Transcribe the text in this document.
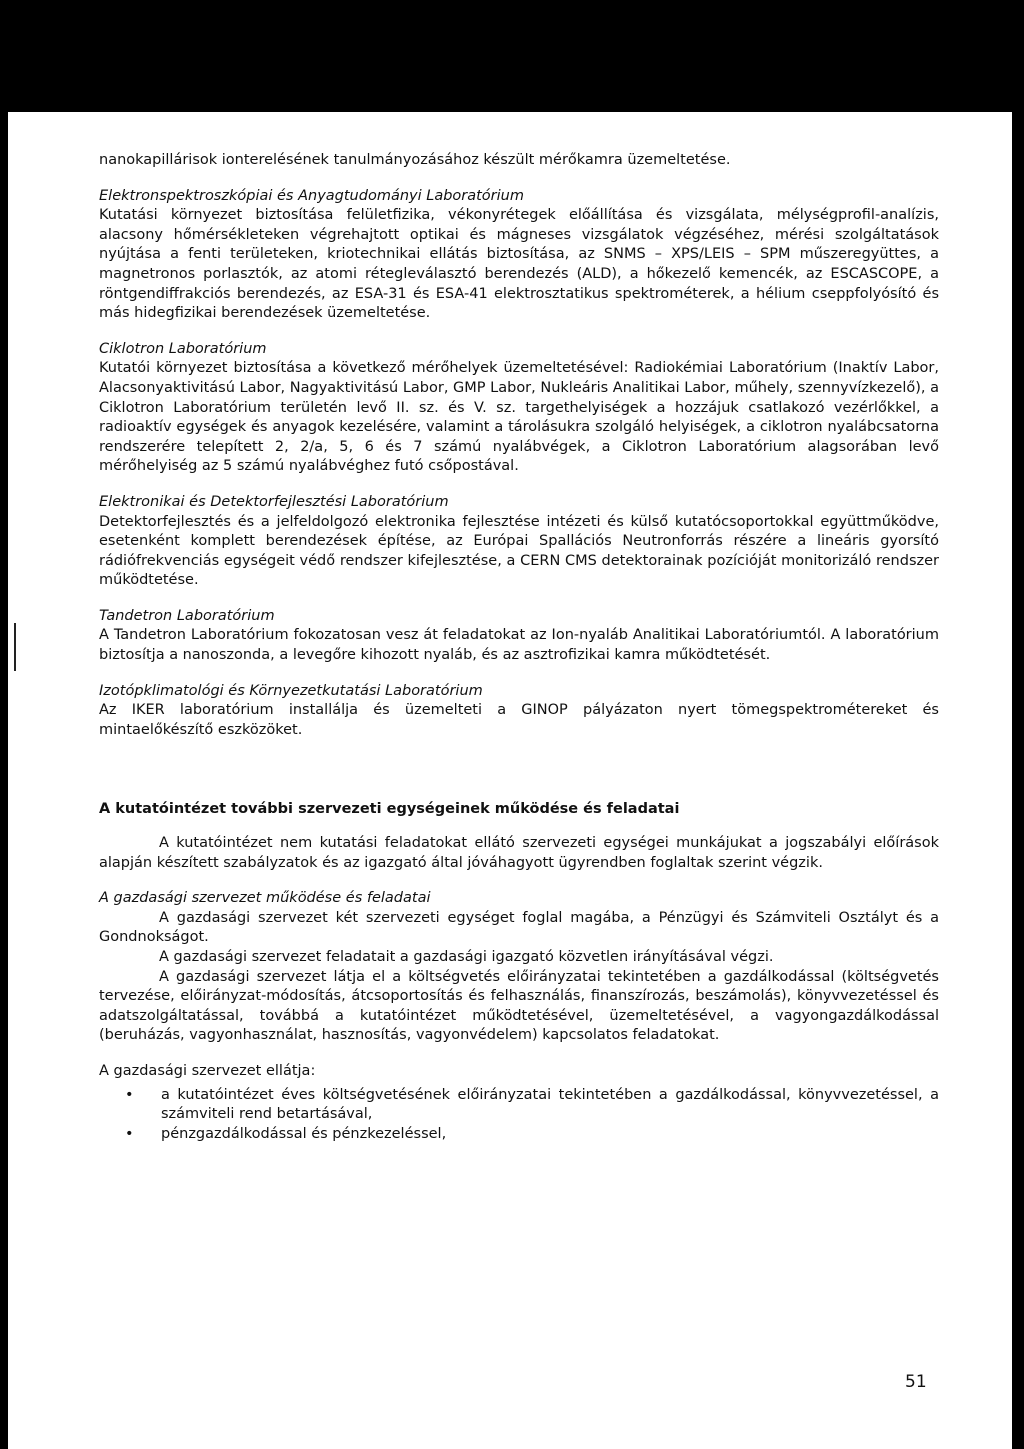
nanokapillárisok ionterelésének tanulmányozásához készült mérőkamra üzemeltetése.

Elektronspektroszkópiai és Anyagtudományi Laboratórium

Kutatási környezet biztosítása felületfizika, vékonyrétegek előállítása és vizsgálata, mélységprofil-analízis, alacsony hőmérsékleteken végrehajtott optikai és mágneses vizsgálatok végzéséhez, mérési szolgáltatások nyújtása a fenti területeken, kriotechnikai ellátás biztosítása, az SNMS – XPS/LEIS – SPM műszeregyüttes, a magnetronos porlasztók, az atomi rétegleválasztó berendezés (ALD), a hőkezelő kemencék, az ESCASCOPE, a röntgendiffrakciós berendezés, az ESA-31 és ESA-41 elektrosztatikus spektrométerek, a hélium cseppfolyósító és más hidegfizikai berendezések üzemeltetése.

Ciklotron Laboratórium

Kutatói környezet biztosítása a következő mérőhelyek üzemeltetésével: Radiokémiai Laboratórium (Inaktív Labor, Alacsonyaktivitású Labor, Nagyaktivitású Labor, GMP Labor, Nukleáris Analitikai Labor, műhely, szennyvízkezelő), a Ciklotron Laboratórium területén levő II. sz. és V. sz. targethelyiségek a hozzájuk csatlakozó vezérlőkkel, a radioaktív egységek és anyagok kezelésére, valamint a tárolásukra szolgáló helyiségek, a ciklotron nyalábcsatorna rendszerére telepített 2, 2/a, 5, 6 és 7 számú nyalábvégek, a Ciklotron Laboratórium alagsorában levő mérőhelyiség az 5 számú nyalábvéghez futó csőpostával.

Elektronikai és Detektorfejlesztési Laboratórium

Detektorfejlesztés és a jelfeldolgozó elektronika fejlesztése intézeti és külső kutatócsoportokkal együttműködve, esetenként komplett berendezések építése, az Európai Spallációs Neutronforrás részére a lineáris gyorsító rádiófrekvenciás egységeit védő rendszer kifejlesztése, a CERN CMS detektorainak pozícióját monitorizáló rendszer működtetése.

Tandetron Laboratórium

A Tandetron Laboratórium fokozatosan vesz át feladatokat az Ion-nyaláb Analitikai Laboratóriumtól. A laboratórium biztosítja a nanoszonda, a levegőre kihozott nyaláb, és az asztrofizikai kamra működtetését.

Izotópklimatológi és Környezetkutatási Laboratórium

Az IKER laboratórium installálja és üzemelteti a GINOP pályázaton nyert tömegspektrométereket és mintaelőkészítő eszközöket.

A kutatóintézet további szervezeti egységeinek működése és feladatai

A kutatóintézet nem kutatási feladatokat ellátó szervezeti egységei munkájukat a jogszabályi előírások alapján készített szabályzatok és az igazgató által jóváhagyott ügyrendben foglaltak szerint végzik.

A gazdasági szervezet működése és feladatai

A gazdasági szervezet két szervezeti egységet foglal magába, a Pénzügyi és Számviteli Osztályt és a Gondnokságot.

A gazdasági szervezet feladatait a gazdasági igazgató közvetlen irányításával végzi.

A gazdasági szervezet látja el a költségvetés előirányzatai tekintetében a gazdálkodással (költségvetés tervezése, előirányzat-módosítás, átcsoportosítás és felhasználás, finanszírozás, beszámolás), könyvvezetéssel és adatszolgáltatással, továbbá a kutatóintézet működtetésével, üzemeltetésével, a vagyongazdálkodással (beruházás, vagyonhasználat, hasznosítás, vagyonvédelem) kapcsolatos feladatokat.

A gazdasági szervezet ellátja:

• a kutatóintézet éves költségvetésének előirányzatai tekintetében a gazdálkodással, könyvvezetéssel, a számviteli rend betartásával,
• pénzgazdálkodással és pénzkezeléssel,
51
